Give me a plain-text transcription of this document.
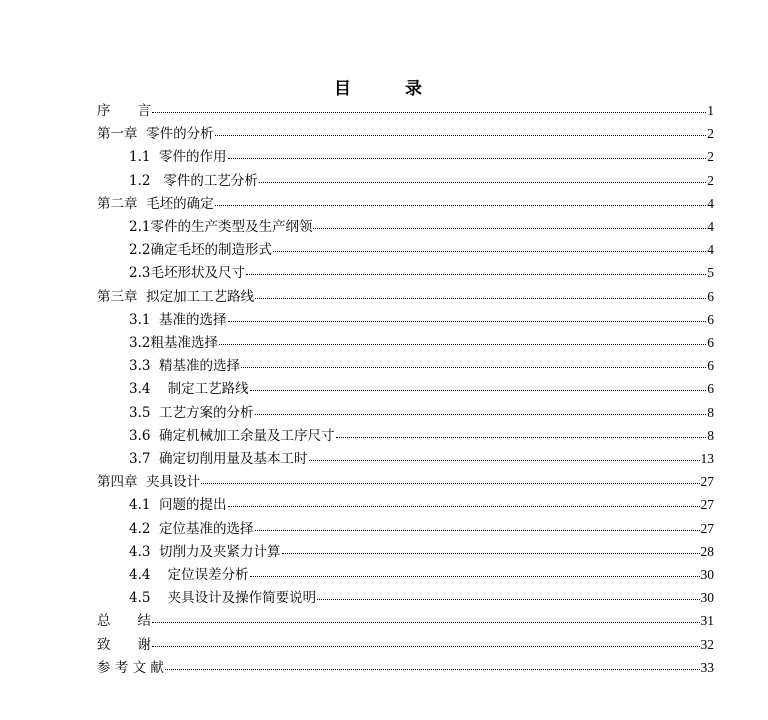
目 录
序　　言	1
第一章  零件的分析	2
1.1  零件的作用	2
1.2   零件的工艺分析	2
第二章  毛坯的确定	4
2.1零件的生产类型及生产纲领	4
2.2确定毛坯的制造形式	4
2.3毛坯形状及尺寸	5
第三章  拟定加工工艺路线	6
3.1  基准的选择	6
3.2粗基准选择	6
3.3  精基准的选择	6
3.4    制定工艺路线	6
3.5  工艺方案的分析	8
3.6  确定机械加工余量及工序尺寸	8
3.7  确定切削用量及基本工时	13
第四章  夹具设计	27
4.1  问题的提出	27
4.2  定位基准的选择	27
4.3  切削力及夹紧力计算	28
4.4    定位误差分析	30
4.5    夹具设计及操作简要说明	30
总　　结	31
致　　谢	32
参 考 文 献	33
